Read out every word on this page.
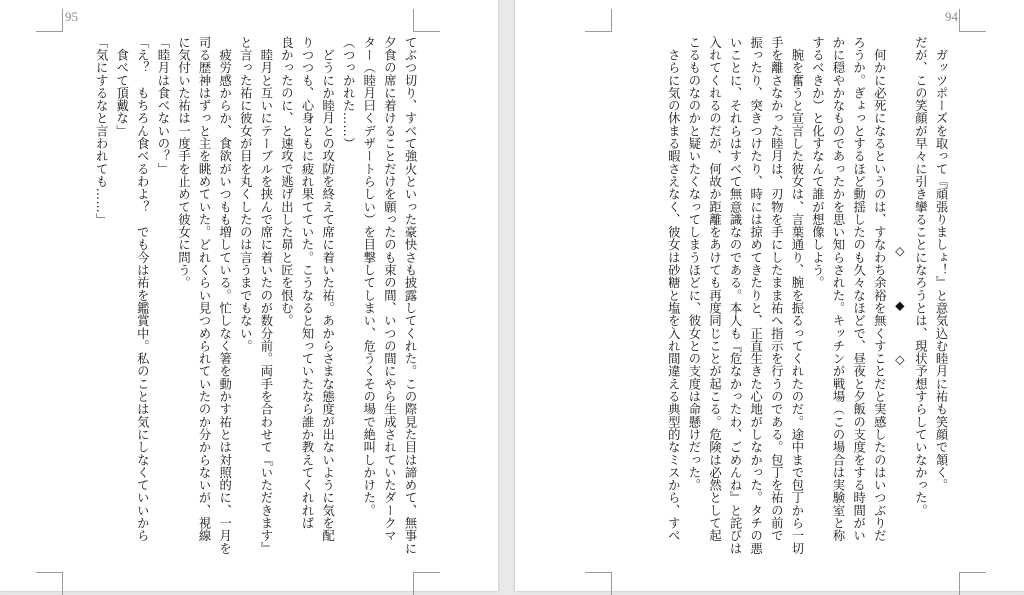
95
てぶつ切り、すべて強火といった豪快さも披露してくれた。この際見た目は諦めて、無事に
夕食の席に着けることだけを願ったのも束の間、いつの間にやら生成されていたダークマ
ター（睦月曰くデザートらしい）を目撃してしまい、危うくその場で絶叫しかけた。
（つっかれた……）
　どうにか睦月との攻防を終えて席に着いた祐。あからさまな態度が出ないように気を配
りつつも、心身ともに疲れ果てていた。こうなると知っていたなら誰か教えてくれれば
良かったのに、と速攻で逃げ出した昴と匠を恨む。
　睦月と互いにテーブルを挟んで席に着いたのが数分前。両手を合わせて『いただきます』
と言った祐に彼女が目を丸くしたのは言うまでもない。
　疲労感からか、食欲がいつもも増している。忙しなく箸を動かす祐とは対照的に、一月を
司る歴神はずっと主を眺めていた。どれくらい見つめられていたのか分からないが、視線
に気付いた祐は一度手を止めて彼女に問う。
「睦月は食べないの？」
「え？　もちろん食べるわよ？　でも今は祐を鑑賞中。私のことは気にしなくていいから
　食べて頂戴な」
「気にするなと言われても……」
94
　ガッツポーズを取って『頑張りましょ！』と意気込む睦月に祐も笑顔で頷く。
だが、この笑顔が早々に引き攣ることになろうとは、現状予想すらしていなかった。
◇　◆　◇
　何かに必死になるというのは、すなわち余裕を無くすことだと実感したのはいつぶりだ
ろうか。ぎょっとするほど動揺したのも久々なほどで、昼夜と夕飯の支度をする時間がい
かに穏やかなものであったかを思い知らされた。キッチンが戦場（この場合は実験室と称
するべきか）と化すなんて誰が想像しよう。
　腕を奮うと宣言した彼女は、言葉通り、腕を振るってくれたのだ。途中まで包丁から一切
手を離さなかった睦月は、刃物を手にしたまま祐へ指示を行うのである。包丁を祐の前で
振ったり、突きつけたり、時には掠めてきたりと、正直生きた心地がしなかった。タチの悪
いことに、それらはすべて無意識なのである。本人も『危なかったわ、ごめんね』と詫びは
入れてくれるのだが、何故か距離をあけても再度同じことが起こる。危険は必然として起
こるものなのかと疑いたくなってしまうほどに、彼女との支度は命懸けだった。
　さらに気の休まる暇さえなく、彼女は砂糖と塩を入れ間違える典型的なミスから、すべ
